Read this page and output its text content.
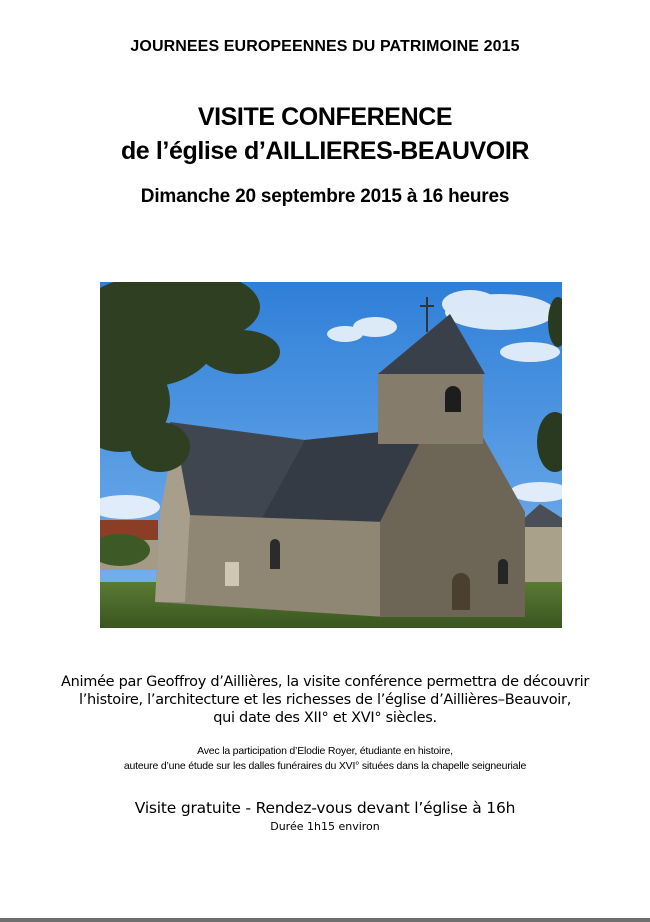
JOURNEES EUROPEENNES DU PATRIMOINE 2015
VISITE CONFERENCE
de l’église d’AILLIERES-BEAUVOIR
Dimanche 20 septembre 2015 à 16 heures
Animée par Geoffroy d’Aillières, la visite conférence permettra de découvrir
l’histoire, l’architecture et les richesses de l’église d’Aillières–Beauvoir,
qui date des XII° et XVI° siècles.
Avec la participation d’Elodie Royer, étudiante en histoire,
auteure d’une étude sur les dalles funéraires du XVI° situées dans la chapelle seigneuriale
Visite gratuite - Rendez-vous devant l’église à 16h
Durée 1h15 environ
